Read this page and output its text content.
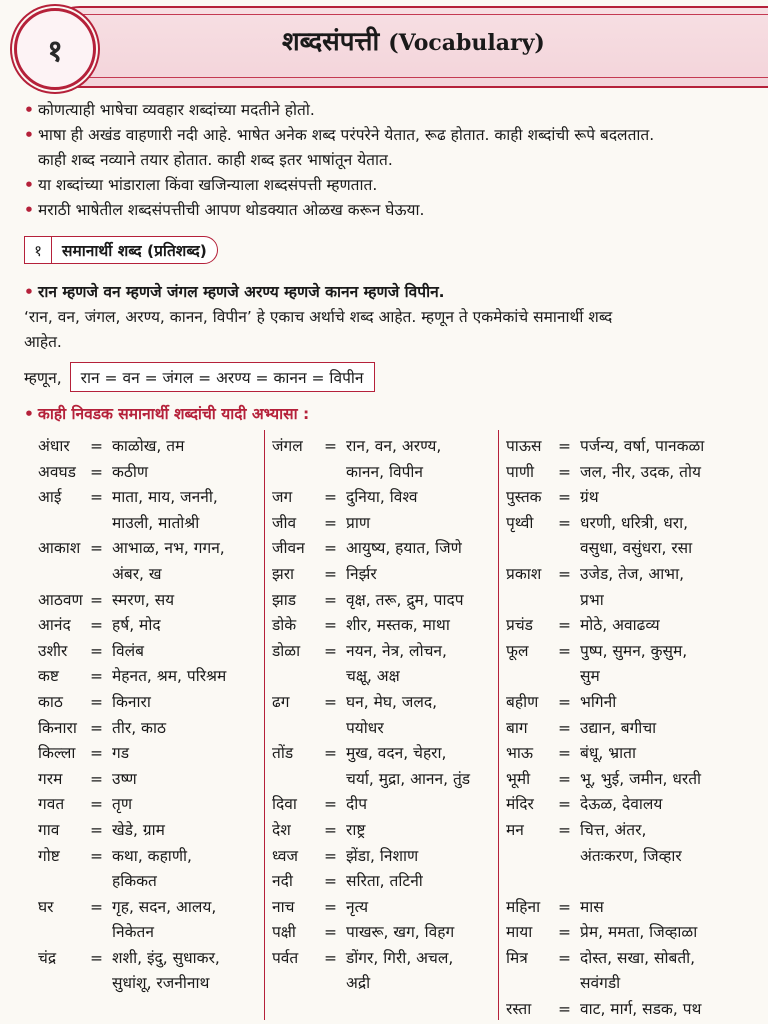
१	शब्दसंपत्ती (Vocabulary)

• कोणत्याही भाषेचा व्यवहार शब्दांच्या मदतीने होतो.

• भाषा ही अखंड वाहणारी नदी आहे. भाषेत अनेक शब्द परंपरेने येतात, रूढ होतात. काही शब्दांची रूपे बदलतात.

काही शब्द नव्याने तयार होतात. काही शब्द इतर भाषांतून येतात.

• या शब्दांच्या भांडाराला किंवा खजिन्याला शब्दसंपत्ती म्हणतात.

• मराठी भाषेतील शब्दसंपत्तीची आपण थोडक्यात ओळख करून घेऊया.

१	समानार्थी शब्द (प्रतिशब्द)

• रान म्हणजे वन म्हणजे जंगल म्हणजे अरण्य म्हणजे कानन म्हणजे विपीन.

‘रान, वन, जंगल, अरण्य, कानन, विपीन’ हे एकाच अर्थाचे शब्द आहेत. म्हणून ते एकमेकांचे समानार्थी शब्द

आहेत.

म्हणून,	रान = वन = जंगल = अरण्य = कानन = विपीन
• काही निवडक समानार्थी शब्दांची यादी अभ्यासा :
अंधार	= काळोख, तम
अवघड = कठीण
आई	= माता, माय, जननी,
माउली, मातोश्री
आकाश = आभाळ, नभ, गगन,
अंबर, ख
आठवण = स्मरण, सय
आनंद	= हर्ष, मोद
उशीर	= विलंब
कष्ट	= मेहनत, श्रम, परिश्रम
काठ	= किनारा
किनारा = तीर, काठ
किल्ला = गड
गरम	= उष्ण
गवत	= तृण
गाव	= खेडे, ग्राम
गोष्ट	= कथा, कहाणी,
हकिकत
घर	= गृह, सदन, आलय,
निकेतन
चंद्र	= शशी, इंदु, सुधाकर,
सुधांशू, रजनीनाथ
जंगल	= रान, वन, अरण्य,
कानन, विपीन
जग	= दुनिया, विश्व
जीव	= प्राण
जीवन	= आयुष्य, हयात, जिणे
झरा	= निर्झर
झाड	= वृक्ष, तरू, द्रुम, पादप
डोके	= शीर, मस्तक, माथा
डोळा	= नयन, नेत्र, लोचन,
चक्षू, अक्ष
ढग	= घन, मेघ, जलद,
पयोधर
तोंड	= मुख, वदन, चेहरा,
चर्या, मुद्रा, आनन, तुंड
दिवा	= दीप
देश	= राष्ट्र
ध्वज	= झेंडा, निशाण
नदी	= सरिता, तटिनी
नाच	= नृत्य
पक्षी	= पाखरू, खग, विहग
पर्वत	= डोंगर, गिरी, अचल,
अद्री
पाऊस	= पर्जन्य, वर्षा, पानकळा
पाणी	= जल, नीर, उदक, तोय
पुस्तक	= ग्रंथ
पृथ्वी	= धरणी, धरित्री, धरा,
वसुधा, वसुंधरा, रसा
प्रकाश	= उजेड, तेज, आभा,
प्रभा
प्रचंड	= मोठे, अवाढव्य
फूल	= पुष्प, सुमन, कुसुम,
सुम
बहीण	= भगिनी
बाग	= उद्यान, बगीचा
भाऊ	= बंधू, भ्राता
भूमी	= भू, भुई, जमीन, धरती
मंदिर	= देऊळ, देवालय
मन	= चित्त, अंतर,
अंतःकरण, जिव्हार

महिना	= मास
माया	= प्रेम, ममता, जिव्हाळा
मित्र	= दोस्त, सखा, सोबती,
सवंगडी
रस्ता	= वाट, मार्ग, सडक, पथ
